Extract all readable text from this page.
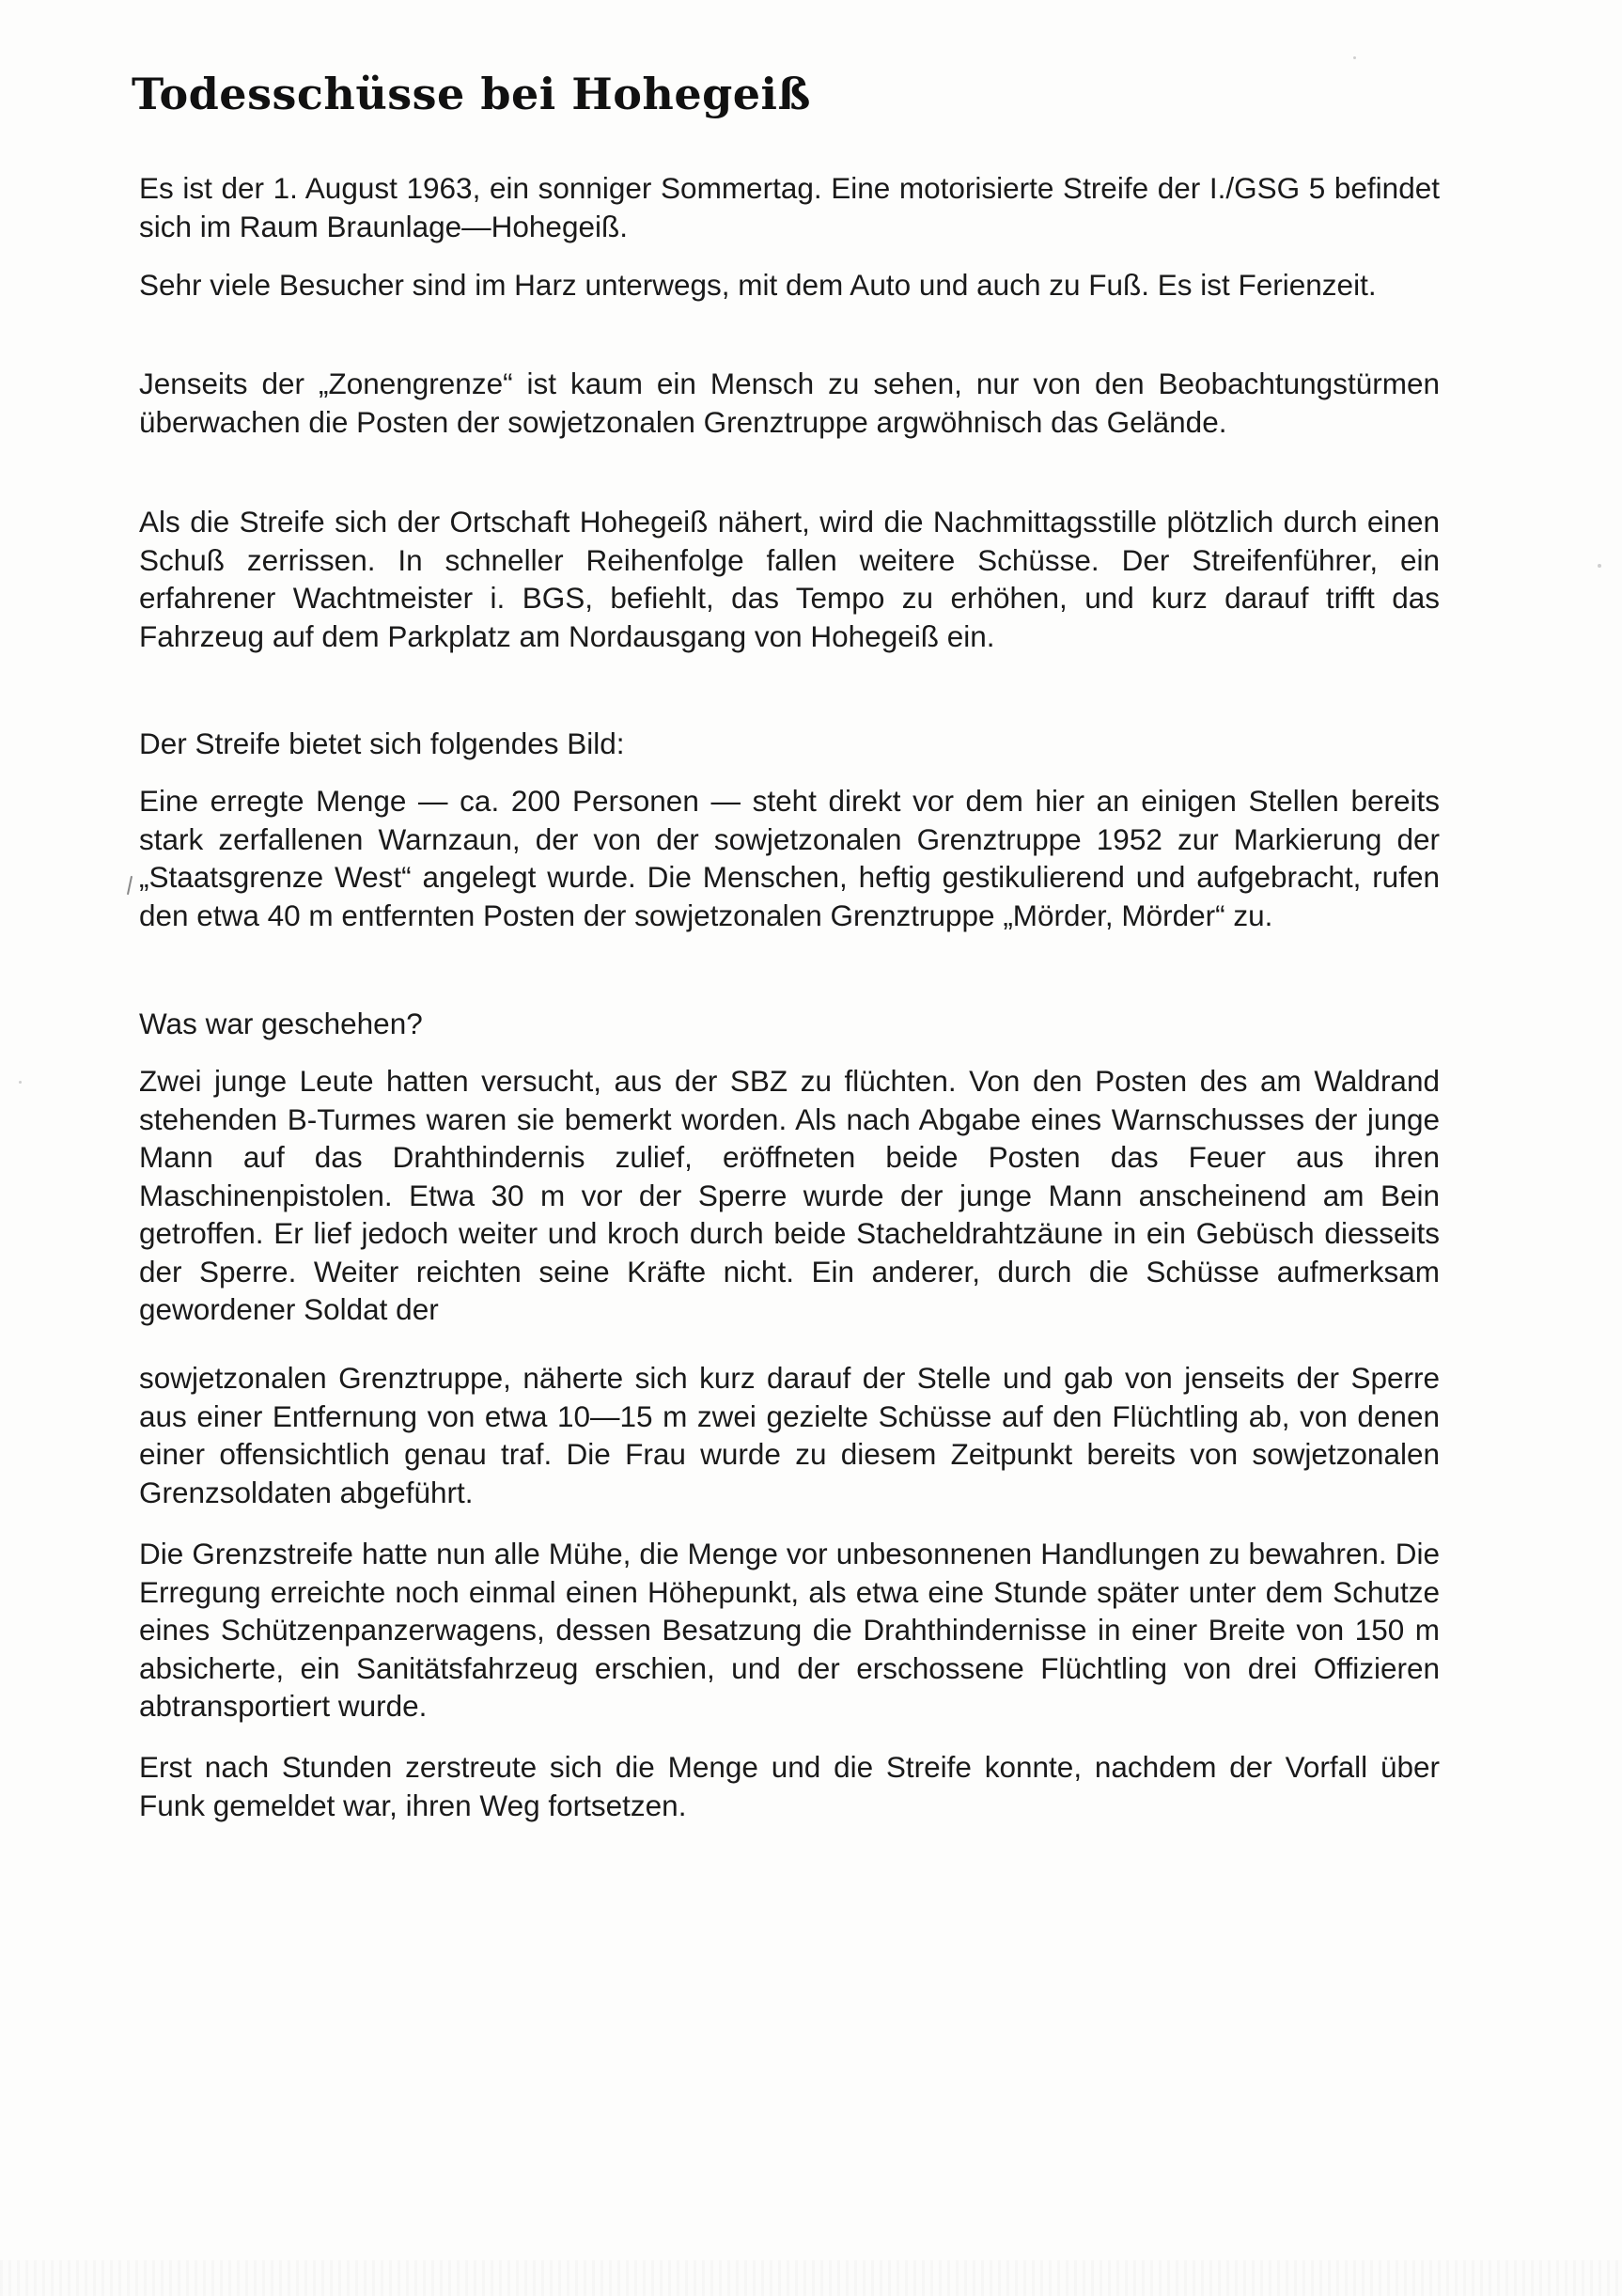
Todesschüsse bei Hohegeiß

Es ist der 1. August 1963, ein sonniger Sommertag. Eine motorisierte Streife der I./GSG 5 befindet sich im Raum Braunlage—Hohegeiß.

Sehr viele Besucher sind im Harz unterwegs, mit dem Auto und auch zu Fuß. Es ist Ferienzeit.

Jenseits der „Zonengrenze“ ist kaum ein Mensch zu sehen, nur von den Beobachtungstürmen überwachen die Posten der sowjetzonalen Grenztruppe argwöhnisch das Gelände.

Als die Streife sich der Ortschaft Hohegeiß nähert, wird die Nachmittagsstille plötzlich durch einen Schuß zerrissen. In schneller Reihenfolge fallen weitere Schüsse. Der Streifenführer, ein erfahrener Wachtmeister i. BGS, befiehlt, das Tempo zu erhöhen, und kurz darauf trifft das Fahrzeug auf dem Parkplatz am Nordausgang von Hohegeiß ein.

Der Streife bietet sich folgendes Bild:

Eine erregte Menge — ca. 200 Personen — steht direkt vor dem hier an einigen Stellen bereits stark zerfallenen Warnzaun, der von der sowjetzonalen Grenztruppe 1952 zur Markierung der „Staatsgrenze West“ angelegt wurde. Die Menschen, heftig gestikulierend und aufgebracht, rufen den etwa 40 m entfernten Posten der sowjetzonalen Grenztruppe „Mörder, Mörder“ zu.

Was war geschehen?

Zwei junge Leute hatten versucht, aus der SBZ zu flüchten. Von den Posten des am Waldrand stehenden B-Turmes waren sie bemerkt worden. Als nach Abgabe eines Warnschusses der junge Mann auf das Drahthindernis zulief, eröffneten beide Posten das Feuer aus ihren Maschinenpistolen. Etwa 30 m vor der Sperre wurde der junge Mann anscheinend am Bein getroffen. Er lief jedoch weiter und kroch durch beide Stacheldrahtzäune in ein Gebüsch diesseits der Sperre. Weiter reichten seine Kräfte nicht. Ein anderer, durch die Schüsse aufmerksam gewordener Soldat der

sowjetzonalen Grenztruppe, näherte sich kurz darauf der Stelle und gab von jenseits der Sperre aus einer Entfernung von etwa 10—15 m zwei gezielte Schüsse auf den Flüchtling ab, von denen einer offensichtlich genau traf. Die Frau wurde zu diesem Zeitpunkt bereits von sowjetzonalen Grenzsoldaten abgeführt.

Die Grenzstreife hatte nun alle Mühe, die Menge vor unbesonnenen Handlungen zu bewahren. Die Erregung erreichte noch einmal einen Höhepunkt, als etwa eine Stunde später unter dem Schutze eines Schützenpanzerwagens, dessen Besatzung die Drahthindernisse in einer Breite von 150 m absicherte, ein Sanitätsfahrzeug erschien, und der erschossene Flüchtling von drei Offizieren abtransportiert wurde.

Erst nach Stunden zerstreute sich die Menge und die Streife konnte, nachdem der Vorfall über Funk gemeldet war, ihren Weg fortsetzen.
